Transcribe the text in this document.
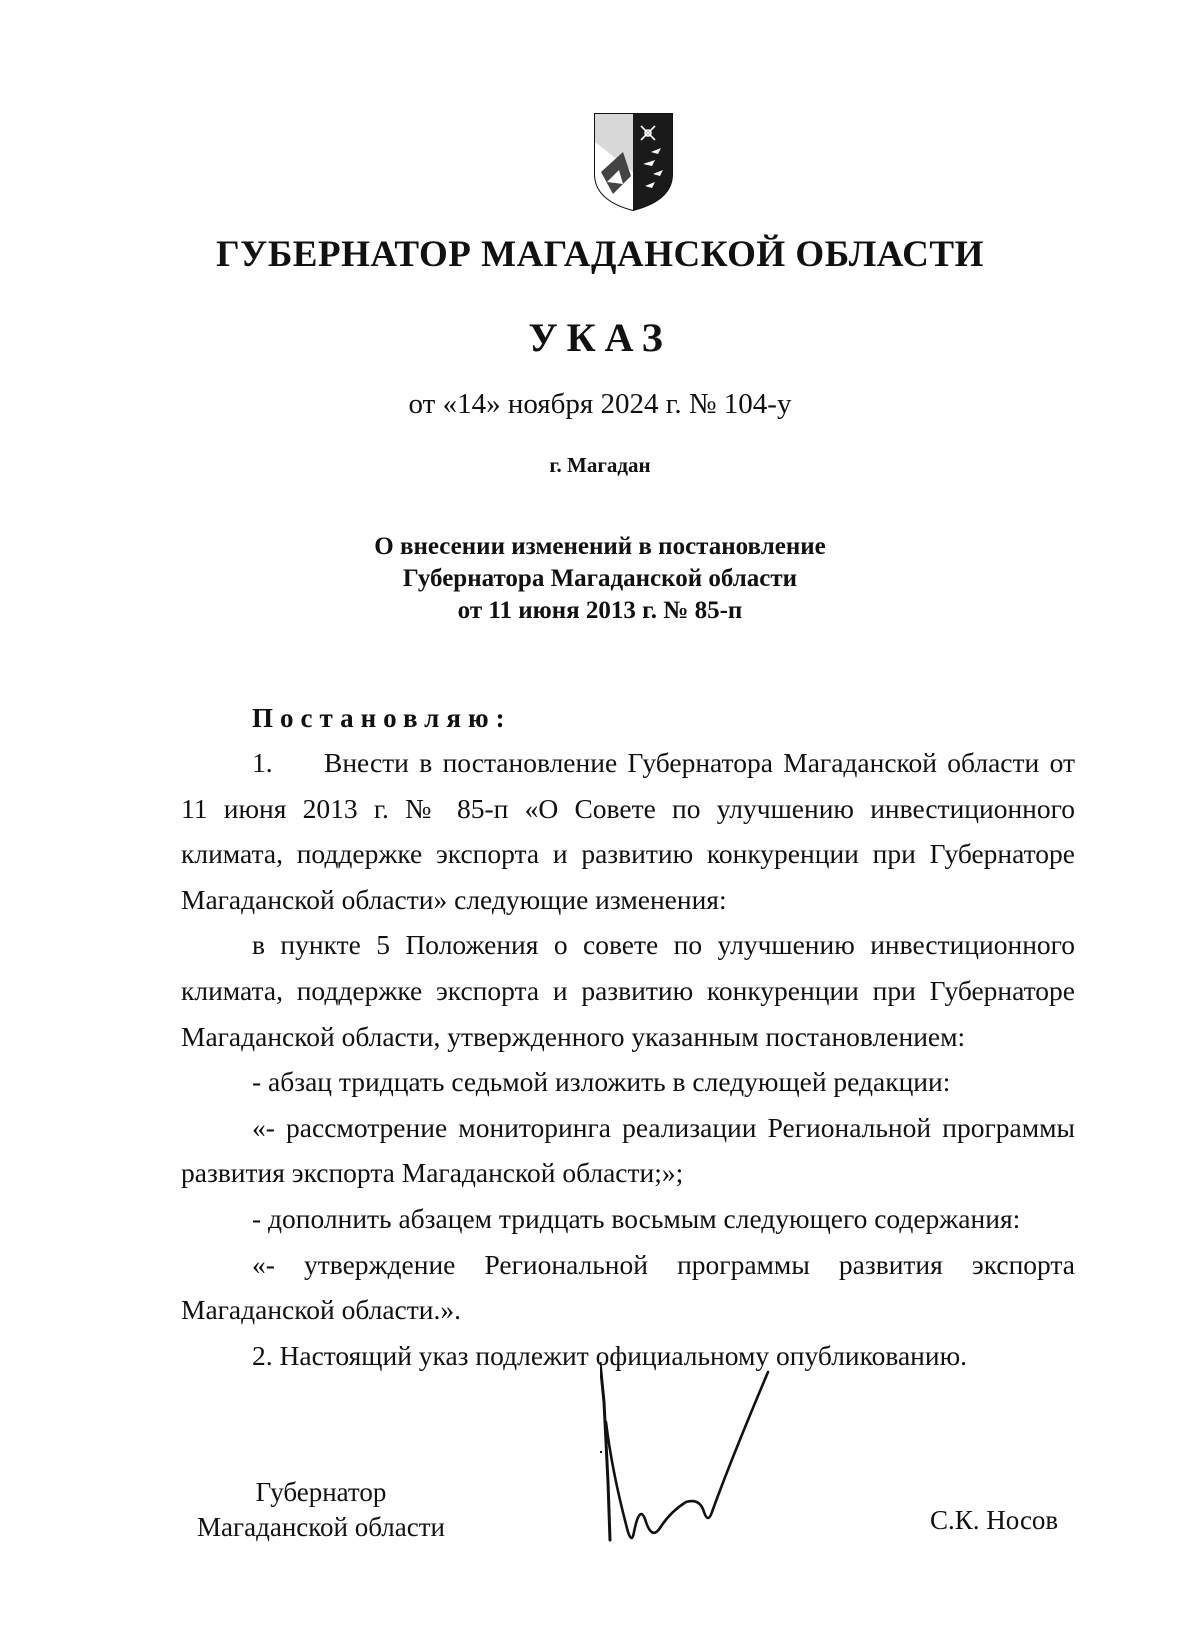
ГУБЕРНАТОР МАГАДАНСКОЙ ОБЛАСТИ
УКАЗ
от «14» ноября 2024 г. № 104-у
г. Магадан
О внесении изменений в постановление
Губернатора Магаданской области
от 11 июня 2013 г. № 85-п
Постановляю:

1. Внести в постановление Губернатора Магаданской области от 11 июня 2013 г. № 85-п «О Совете по улучшению инвестиционного климата, поддержке экспорта и развитию конкуренции при Губернаторе Магаданской области» следующие изменения:

в пункте 5 Положения о совете по улучшению инвестиционного климата, поддержке экспорта и развитию конкуренции при Губернаторе Магаданской области, утвержденного указанным постановлением:

- абзац тридцать седьмой изложить в следующей редакции:

«- рассмотрение мониторинга реализации Региональной программы развития экспорта Магаданской области;»;

- дополнить абзацем тридцать восьмым следующего содержания:

«- утверждение Региональной программы развития экспорта Магаданской области.».

2. Настоящий указ подлежит официальному опубликованию.

Губернатор
Магаданской области	С.К. Носов
